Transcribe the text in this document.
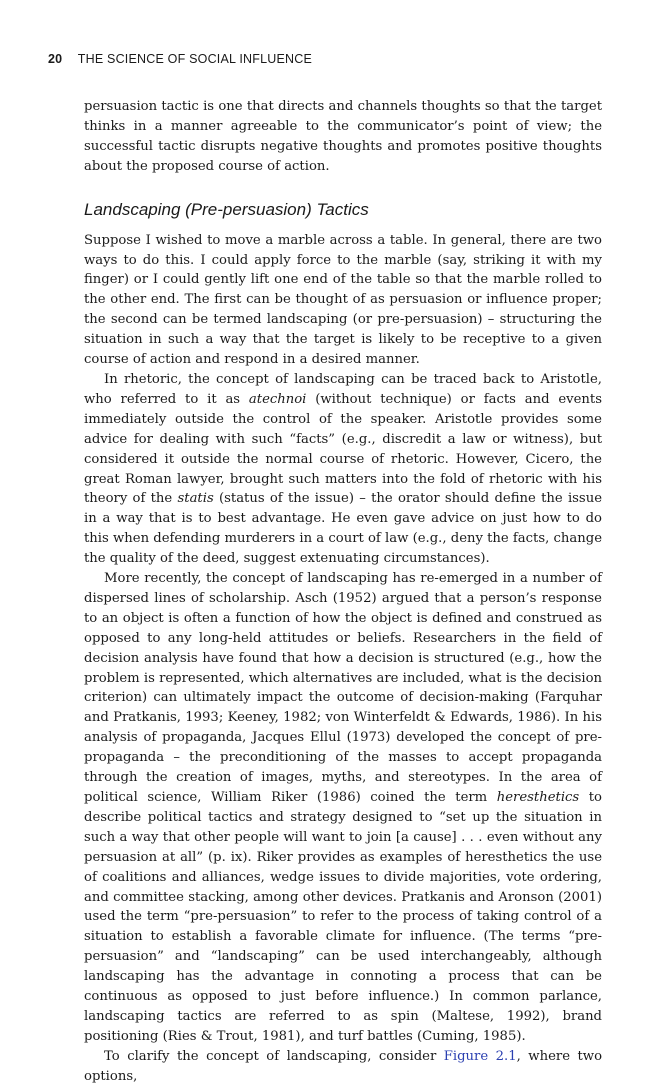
20 THE SCIENCE OF SOCIAL INFLUENCE

persuasion tactic is one that directs and channels thoughts so that the target thinks in a manner agreeable to the communicator’s point of view; the successful tactic disrupts negative thoughts and promotes positive thoughts about the proposed course of action.

Landscaping (Pre-persuasion) Tactics

Suppose I wished to move a marble across a table. In general, there are two ways to do this. I could apply force to the marble (say, striking it with my finger) or I could gently lift one end of the table so that the marble rolled to the other end. The first can be thought of as persuasion or influence proper; the second can be termed landscaping (or pre-persuasion) – structuring the situation in such a way that the target is likely to be receptive to a given course of action and respond in a desired manner.

In rhetoric, the concept of landscaping can be traced back to Aristotle, who referred to it as atechnoi (without technique) or facts and events immediately outside the control of the speaker. Aristotle provides some advice for dealing with such “facts” (e.g., discredit a law or witness), but considered it outside the normal course of rhetoric. However, Cicero, the great Roman lawyer, brought such matters into the fold of rhetoric with his theory of the statis (status of the issue) – the orator should define the issue in a way that is to best advantage. He even gave advice on just how to do this when defending murderers in a court of law (e.g., deny the facts, change the quality of the deed, suggest extenuating circumstances).

More recently, the concept of landscaping has re-emerged in a number of dispersed lines of scholarship. Asch (1952) argued that a person’s response to an object is often a function of how the object is defined and construed as opposed to any long-held attitudes or beliefs. Researchers in the field of decision analysis have found that how a decision is structured (e.g., how the problem is represented, which alternatives are included, what is the decision criterion) can ultimately impact the outcome of decision-making (Farquhar and Pratkanis, 1993; Keeney, 1982; von Winterfeldt & Edwards, 1986). In his analysis of propaganda, Jacques Ellul (1973) developed the concept of pre-propaganda – the preconditioning of the masses to accept propaganda through the creation of images, myths, and stereotypes. In the area of political science, William Riker (1986) coined the term heresthetics to describe political tactics and strategy designed to “set up the situation in such a way that other people will want to join [a cause] . . . even without any persuasion at all” (p. ix). Riker provides as examples of heresthetics the use of coalitions and alliances, wedge issues to divide majorities, vote ordering, and committee stacking, among other devices. Pratkanis and Aronson (2001) used the term “pre-persuasion” to refer to the process of taking control of a situation to establish a favorable climate for influence. (The terms “pre-persuasion” and “landscaping” can be used interchangeably, although landscaping has the advantage in connoting a process that can be continuous as opposed to just before influence.) In common parlance, landscaping tactics are referred to as spin (Maltese, 1992), brand positioning (Ries & Trout, 1981), and turf battles (Cuming, 1985).

To clarify the concept of landscaping, consider Figure 2.1, where two options,
